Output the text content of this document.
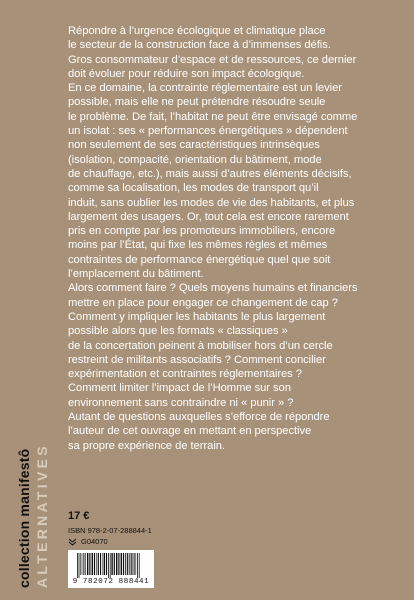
Répondre à l’urgence écologique et climatique place

le secteur de la construction face à d’immenses défis.

Gros consommateur d’espace et de ressources, ce dernier

doit évoluer pour réduire son impact écologique.

En ce domaine, la contrainte réglementaire est un levier

possible, mais elle ne peut prétendre résoudre seule

le problème. De fait, l’habitat ne peut être envisagé comme

un isolat : ses « performances énergétiques » dépendent

non seulement de ses caractéristiques intrinsèques

(isolation, compacité, orientation du bâtiment, mode

de chauffage, etc.), mais aussi d’autres éléments décisifs,

comme sa localisation, les modes de transport qu’il

induit, sans oublier les modes de vie des habitants, et plus

largement des usagers. Or, tout cela est encore rarement

pris en compte par les promoteurs immobiliers, encore

moins par l’État, qui fixe les mêmes règles et mêmes

contraintes de performance énergétique quel que soit

l’emplacement du bâtiment.

Alors comment faire ? Quels moyens humains et financiers

mettre en place pour engager ce changement de cap ?

Comment y impliquer les habitants le plus largement

possible alors que les formats « classiques »

de la concertation peinent à mobiliser hors d’un cercle

restreint de militants associatifs ? Comment concilier

expérimentation et contraintes réglementaires ?

Comment limiter l’impact de l’Homme sur son

environnement sans contraindre ni « punir » ?

Autant de questions auxquelles s’efforce de répondre

l’auteur de cet ouvrage en mettant en perspective

sa propre expérience de terrain.

collection manifestô ALTERNATIVES 17 €
ISBN 978-2-07-288844-1
G04070
9 782072 888441
